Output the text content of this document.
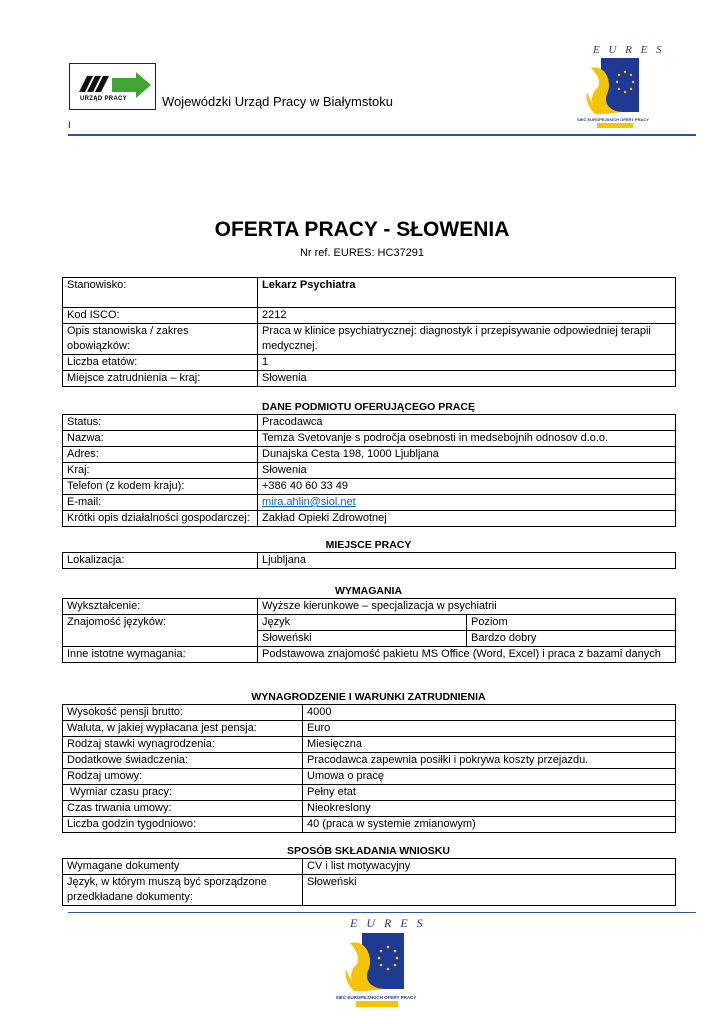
URZĄD PRACY	Wojewódzki Urząd Pracy w Białymstoku
I
E U R E S
SIEĆ EUROPEJSKICH OFERT PRACY
OFERTA PRACY - SŁOWENIA
Nr ref. EURES: HC37291
Stanowisko:	Lekarz Psychiatra
Kod ISCO:	2212
Opis stanowiska / zakres obowiązków:	Praca w klinice psychiatrycznej: diagnostyk i przepisywanie odpowiedniej terapii medycznej.
Liczba etatów:	1
Miejsce zatrudnienia – kraj:	Słowenia
DANE PODMIOTU OFERUJĄCEGO PRACĘ
Status:	Pracodawca
Nazwa:	Temza Svetovanje s področja osebnosti in medsebojnih odnosov d.o.o.
Adres:	Dunajska Cesta 198, 1000 Ljubljana
Kraj:	Słowenia
Telefon (z kodem kraju):	+386 40 60 33 49
E-mail:	mira.ahlin@siol.net
Krótki opis działalności gospodarczej:	Zakład Opieki Zdrowotnej
MIEJSCE PRACY
Lokalizacja:	Ljubljana
WYMAGANIA
Wykształcenie:	Wyższe kierunkowe – specjalizacja w psychiatrii	
Znajomość języków:	Język	Poziom
	Słoweński	Bardzo dobry
Inne istotne wymagania:	Podstawowa znajomość pakietu MS Office (Word, Excel) i praca z bazami danych	
WYNAGRODZENIE I WARUNKI ZATRUDNIENIA
Wysokość pensji brutto:	4000
Waluta, w jakiej wypłacana jest pensja:	Euro
Rodzaj stawki wynagrodzenia:	Miesięczna
Dodatkowe świadczenia:	Pracodawca zapewnia posiłki i pokrywa koszty przejazdu.
Rodzaj umowy:	Umowa o pracę
Wymiar czasu pracy:	Pełny etat
Czas trwania umowy:	Nieokreslony
Liczba godzin tygodniowo:	40 (praca w systemie zmianowym)
SPOSÓB SKŁADANIA WNIOSKU
Wymagane dokumenty	CV i list motywacyjny
Język, w którym muszą być sporządzone przedkładane dokumenty:	Słoweński
E U R E S
SIEĆ EUROPEJSKICH OFERT PRACY
